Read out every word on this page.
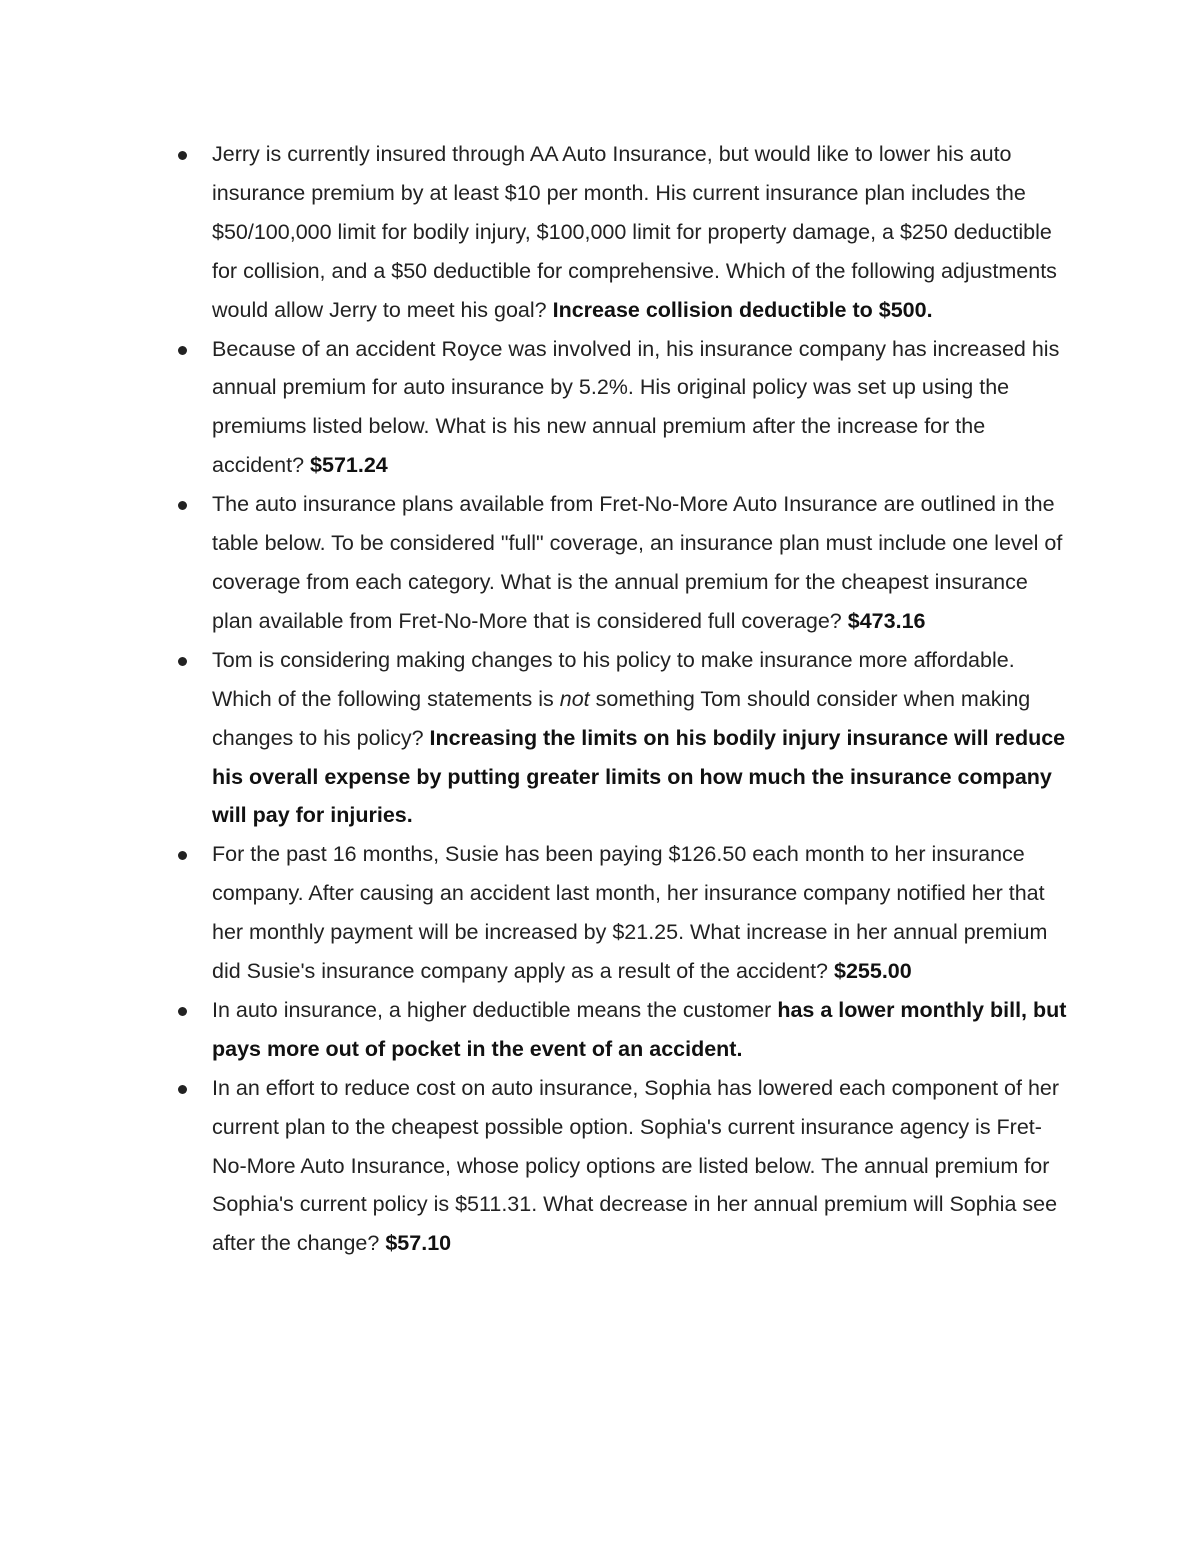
Jerry is currently insured through AA Auto Insurance, but would like to lower his auto insurance premium by at least $10 per month. His current insurance plan includes the $50/100,000 limit for bodily injury, $100,000 limit for property damage, a $250 deductible for collision, and a $50 deductible for comprehensive. Which of the following adjustments would allow Jerry to meet his goal? Increase collision deductible to $500.
Because of an accident Royce was involved in, his insurance company has increased his annual premium for auto insurance by 5.2%. His original policy was set up using the premiums listed below. What is his new annual premium after the increase for the accident? $571.24
The auto insurance plans available from Fret-No-More Auto Insurance are outlined in the table below. To be considered "full" coverage, an insurance plan must include one level of coverage from each category. What is the annual premium for the cheapest insurance plan available from Fret-No-More that is considered full coverage? $473.16
Tom is considering making changes to his policy to make insurance more affordable. Which of the following statements is not something Tom should consider when making changes to his policy? Increasing the limits on his bodily injury insurance will reduce his overall expense by putting greater limits on how much the insurance company will pay for injuries.
For the past 16 months, Susie has been paying $126.50 each month to her insurance company. After causing an accident last month, her insurance company notified her that her monthly payment will be increased by $21.25. What increase in her annual premium did Susie's insurance company apply as a result of the accident? $255.00
In auto insurance, a higher deductible means the customer has a lower monthly bill, but pays more out of pocket in the event of an accident.
In an effort to reduce cost on auto insurance, Sophia has lowered each component of her current plan to the cheapest possible option. Sophia's current insurance agency is Fret-No-More Auto Insurance, whose policy options are listed below. The annual premium for Sophia's current policy is $511.31. What decrease in her annual premium will Sophia see after the change? $57.10
